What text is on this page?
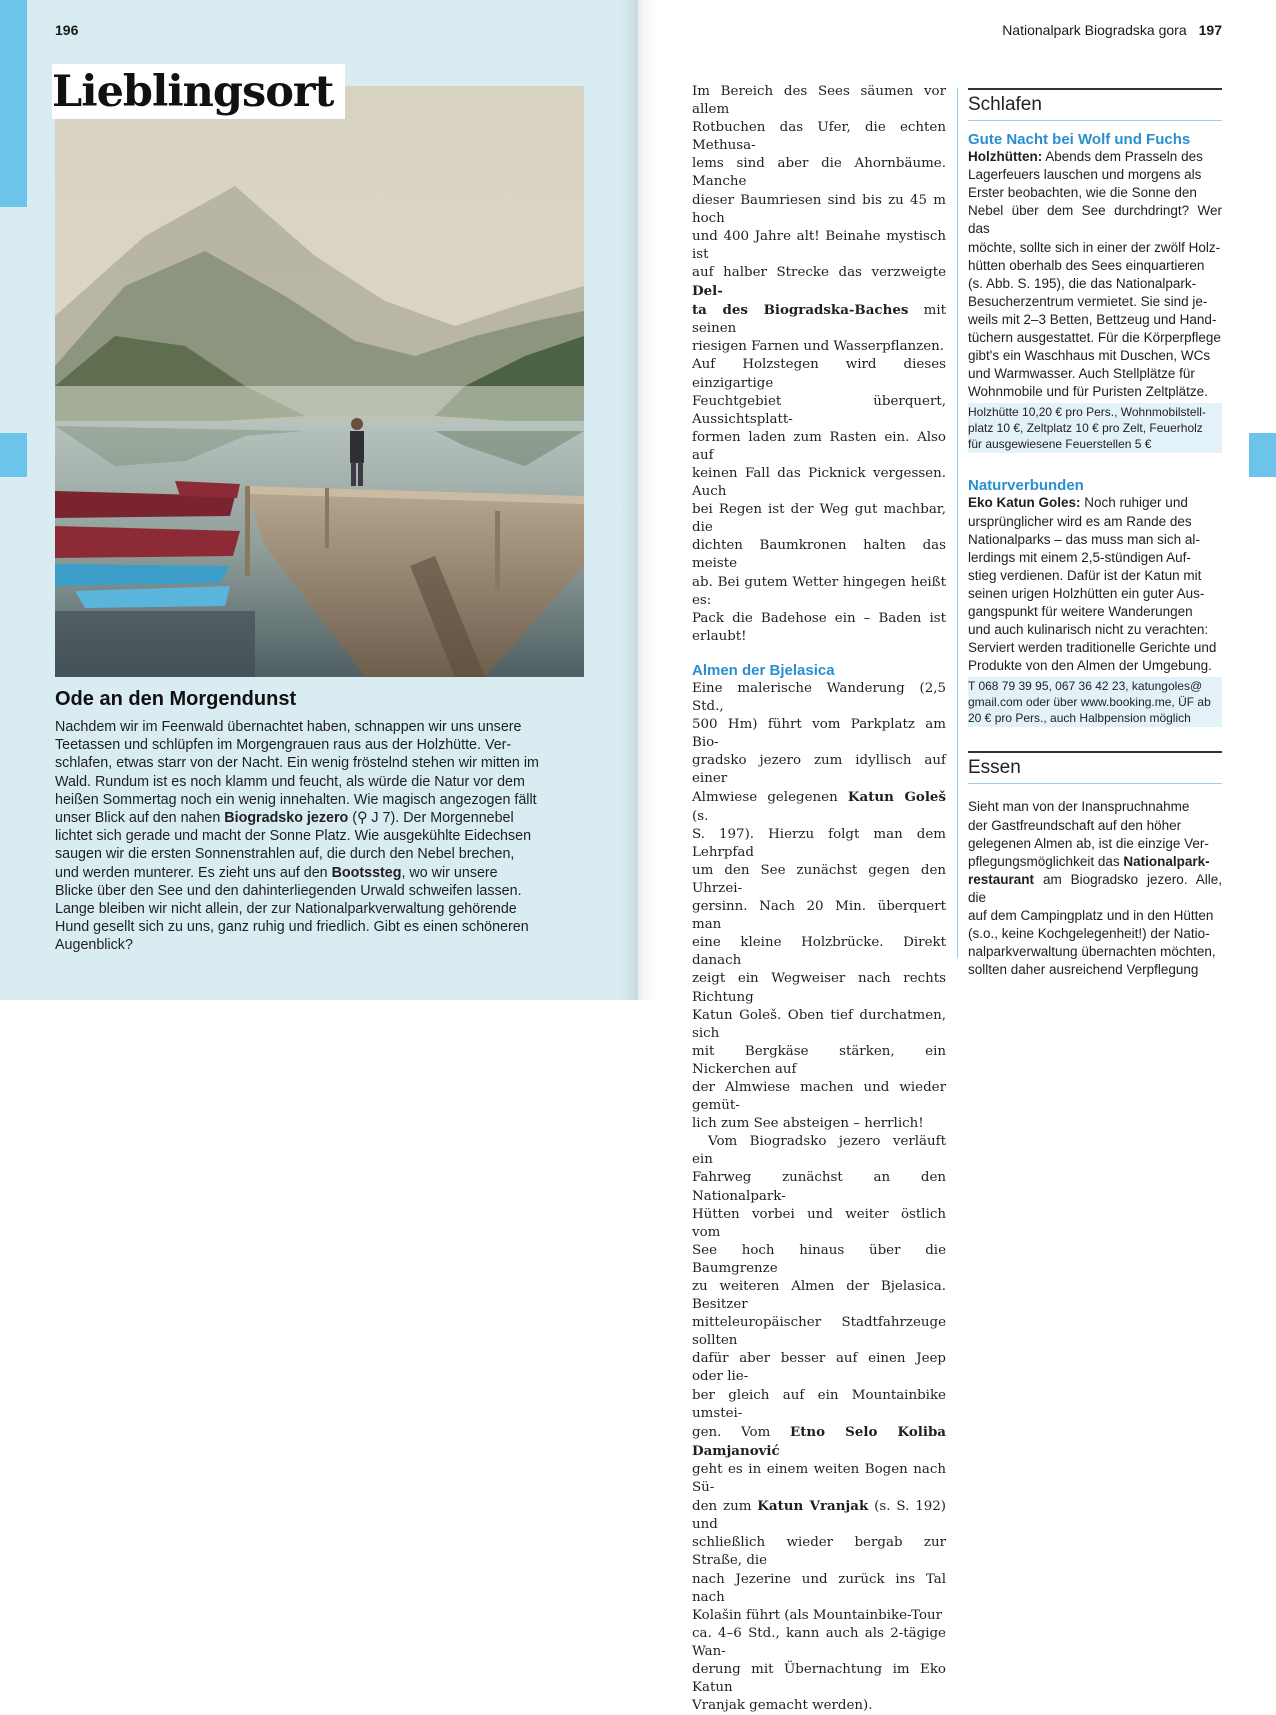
196
Lieblingsort
Ode an den Morgendunst
Nachdem wir im Feenwald übernachtet haben, schnappen wir uns unsere
Teetassen und schlüpfen im Morgengrauen raus aus der Holzhütte. Ver-
schlafen, etwas starr von der Nacht. Ein wenig fröstelnd stehen wir mitten im
Wald. Rundum ist es noch klamm und feucht, als würde die Natur vor dem
heißen Sommertag noch ein wenig innehalten. Wie magisch angezogen fällt
unser Blick auf den nahen Biogradsko jezero (⚲ J 7). Der Morgennebel
lichtet sich gerade und macht der Sonne Platz. Wie ausgekühlte Eidechsen
saugen wir die ersten Sonnenstrahlen auf, die durch den Nebel brechen,
und werden munterer. Es zieht uns auf den Bootssteg, wo wir unsere
Blicke über den See und den dahinterliegenden Urwald schweifen lassen.
Lange bleiben wir nicht allein, der zur Nationalparkverwaltung gehörende
Hund gesellt sich zu uns, ganz ruhig und friedlich. Gibt es einen schöneren
Augenblick?
Nationalpark Biogradska gora 197

Im Bereich des Sees säumen vor allem
Rotbuchen das Ufer, die echten Methusa-
lems sind aber die Ahornbäume. Manche
dieser Baumriesen sind bis zu 45 m hoch
und 400 Jahre alt! Beinahe mystisch ist
auf halber Strecke das verzweigte Del-
ta des Biogradska-Baches mit seinen
riesigen Farnen und Wasserpflanzen.
Auf Holzstegen wird dieses einzigartige
Feuchtgebiet überquert, Aussichtsplatt-
formen laden zum Rasten ein. Also auf
keinen Fall das Picknick vergessen. Auch
bei Regen ist der Weg gut machbar, die
dichten Baumkronen halten das meiste
ab. Bei gutem Wetter hingegen heißt es:
Pack die Badehose ein – Baden ist erlaubt!

Almen der Bjelasica

Eine malerische Wanderung (2,5 Std.,
500 Hm) führt vom Parkplatz am Bio-
gradsko jezero zum idyllisch auf einer
Almwiese gelegenen Katun Goleš (s.
S. 197). Hierzu folgt man dem Lehrpfad
um den See zunächst gegen den Uhrzei-
gersinn. Nach 20 Min. überquert man
eine kleine Holzbrücke. Direkt danach
zeigt ein Wegweiser nach rechts Richtung
Katun Goleš. Oben tief durchatmen, sich
mit Bergkäse stärken, ein Nickerchen auf
der Almwiese machen und wieder gemüt-
lich zum See absteigen – herrlich!

Vom Biogradsko jezero verläuft ein
Fahrweg zunächst an den Nationalpark-
Hütten vorbei und weiter östlich vom
See hoch hinaus über die Baumgrenze
zu weiteren Almen der Bjelasica. Besitzer
mitteleuropäischer Stadtfahrzeuge sollten
dafür aber besser auf einen Jeep oder lie-
ber gleich auf ein Mountainbike umstei-
gen. Vom Etno Selo Koliba Damjanović
geht es in einem weiten Bogen nach Sü-
den zum Katun Vranjak (s. S. 192) und
schließlich wieder bergab zur Straße, die
nach Jezerine und zurück ins Tal nach
Kolašin führt (als Mountainbike-Tour
ca. 4–6 Std., kann auch als 2-tägige Wan-
derung mit Übernachtung im Eko Katun
Vranjak gemacht werden).

Schlafen
Gute Nacht bei Wolf und Fuchs

Holzhütten: Abends dem Prasseln des
Lagerfeuers lauschen und morgens als
Erster beobachten, wie die Sonne den
Nebel über dem See durchdringt? Wer das
möchte, sollte sich in einer der zwölf Holz-
hütten oberhalb des Sees einquartieren
(s. Abb. S. 195), die das Nationalpark-
Besucherzentrum vermietet. Sie sind je-
weils mit 2–3 Betten, Bettzeug und Hand-
tüchern ausgestattet. Für die Körperpflege
gibt's ein Waschhaus mit Duschen, WCs
und Warmwasser. Auch Stellplätze für
Wohnmobile und für Puristen Zeltplätze.

Holzhütte 10,20 € pro Pers., Wohnmobilstell-
platz 10 €, Zeltplatz 10 € pro Zelt, Feuerholz
für ausgewiesene Feuerstellen 5 €
Naturverbunden

Eko Katun Goles: Noch ruhiger und
ursprünglicher wird es am Rande des
Nationalparks – das muss man sich al-
lerdings mit einem 2,5-stündigen Auf-
stieg verdienen. Dafür ist der Katun mit
seinen urigen Holzhütten ein guter Aus-
gangspunkt für weitere Wanderungen
und auch kulinarisch nicht zu verachten:
Serviert werden traditionelle Gerichte und
Produkte von den Almen der Umgebung.

T 068 79 39 95, 067 36 42 23, katungoles@
gmail.com oder über www.booking.me, ÜF ab
20 € pro Pers., auch Halbpension möglich
Essen

Sieht man von der Inanspruchnahme
der Gastfreundschaft auf den höher
gelegenen Almen ab, ist die einzige Ver-
pflegungsmöglichkeit das Nationalpark-
restaurant am Biogradsko jezero. Alle, die
auf dem Campingplatz und in den Hütten
(s.o., keine Kochgelegenheit!) der Natio-
nalparkverwaltung übernachten möchten,
sollten daher ausreichend Verpflegung
